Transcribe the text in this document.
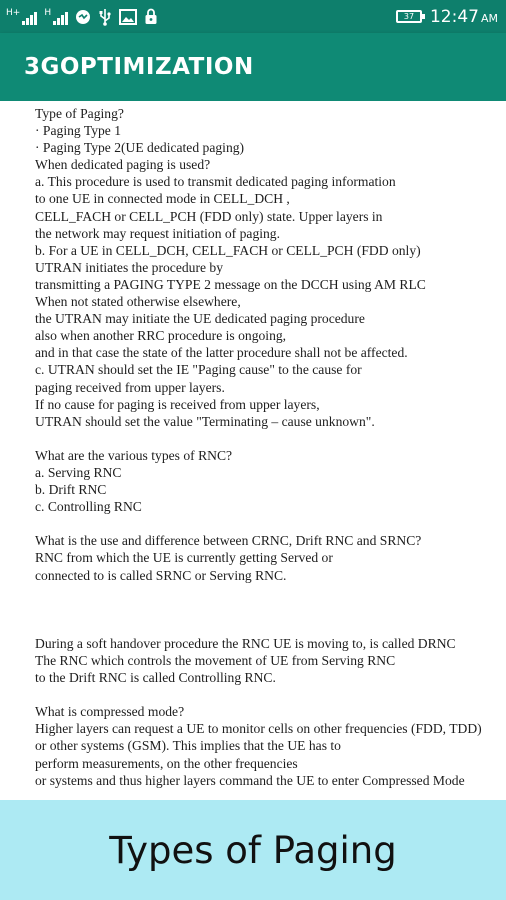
H+	H	37 12:47 AM
3GOPTIMIZATION
Type of Paging?
· Paging Type 1
· Paging Type 2(UE dedicated paging)
When dedicated paging is used?
a. This procedure is used to transmit dedicated paging information
to one UE in connected mode in CELL_DCH ,
CELL_FACH or CELL_PCH (FDD only) state. Upper layers in
the network may request initiation of paging.
b. For a UE in CELL_DCH, CELL_FACH or CELL_PCH (FDD only)
UTRAN initiates the procedure by
transmitting a PAGING TYPE 2 message on the DCCH using AM RLC
When not stated otherwise elsewhere,
the UTRAN may initiate the UE dedicated paging procedure
also when another RRC procedure is ongoing,
and in that case the state of the latter procedure shall not be affected.
c. UTRAN should set the IE "Paging cause" to the cause for
paging received from upper layers.
If no cause for paging is received from upper layers,
UTRAN should set the value "Terminating – cause unknown".
What are the various types of RNC?
a. Serving RNC
b. Drift RNC
c. Controlling RNC
What is the use and difference between CRNC, Drift RNC and SRNC?
RNC from which the UE is currently getting Served or
connected to is called SRNC or Serving RNC.
During a soft handover procedure the RNC UE is moving to, is called DRNC
The RNC which controls the movement of UE from Serving RNC
to the Drift RNC is called Controlling RNC.
What is compressed mode?
Higher layers can request a UE to monitor cells on other frequencies (FDD, TDD)
or other systems (GSM). This implies that the UE has to
perform measurements, on the other frequencies
or systems and thus higher layers command the UE to enter Compressed Mode
Types of Paging
